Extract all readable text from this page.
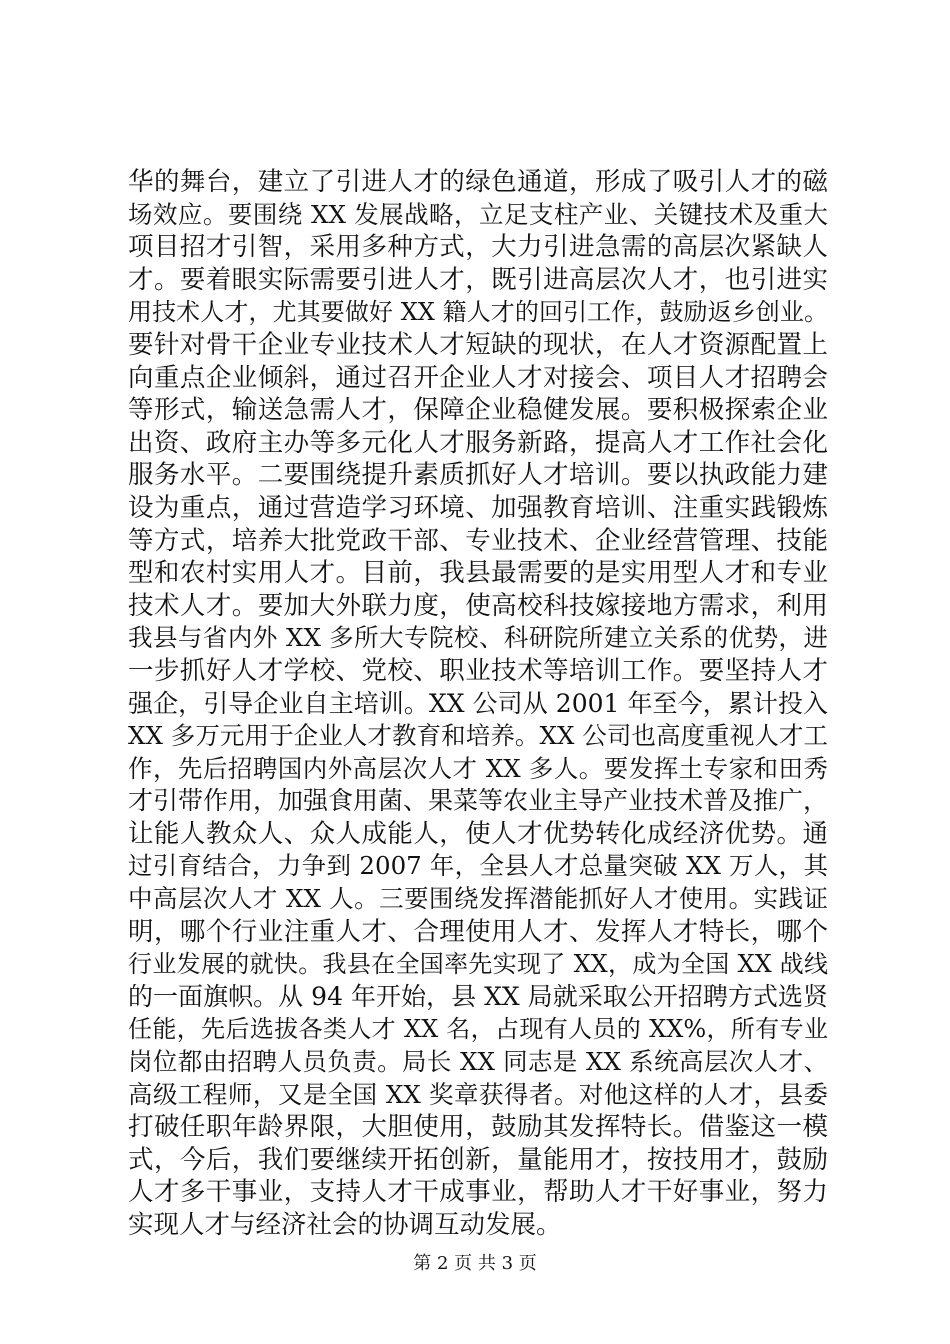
华的舞台，建立了引进人才的绿色通道，形成了吸引人才的磁
场效应。要围绕 XX 发展战略，立足支柱产业、关键技术及重大
项目招才引智，采用多种方式，大力引进急需的高层次紧缺人
才。要着眼实际需要引进人才，既引进高层次人才，也引进实
用技术人才，尤其要做好 XX 籍人才的回引工作，鼓励返乡创业。
要针对骨干企业专业技术人才短缺的现状，在人才资源配置上
向重点企业倾斜，通过召开企业人才对接会、项目人才招聘会
等形式，输送急需人才，保障企业稳健发展。要积极探索企业
出资、政府主办等多元化人才服务新路，提高人才工作社会化
服务水平。二要围绕提升素质抓好人才培训。要以执政能力建
设为重点，通过营造学习环境、加强教育培训、注重实践锻炼
等方式，培养大批党政干部、专业技术、企业经营管理、技能
型和农村实用人才。目前，我县最需要的是实用型人才和专业
技术人才。要加大外联力度，使高校科技嫁接地方需求，利用
我县与省内外 XX 多所大专院校、科研院所建立关系的优势，进
一步抓好人才学校、党校、职业技术等培训工作。要坚持人才
强企，引导企业自主培训。XX 公司从 2001 年至今，累计投入
XX 多万元用于企业人才教育和培养。XX 公司也高度重视人才工
作，先后招聘国内外高层次人才 XX 多人。要发挥土专家和田秀
才引带作用，加强食用菌、果菜等农业主导产业技术普及推广，
让能人教众人、众人成能人，使人才优势转化成经济优势。通
过引育结合，力争到 2007 年，全县人才总量突破 XX 万人，其
中高层次人才 XX 人。三要围绕发挥潜能抓好人才使用。实践证
明，哪个行业注重人才、合理使用人才、发挥人才特长，哪个
行业发展的就快。我县在全国率先实现了 XX，成为全国 XX 战线
的一面旗帜。从 94 年开始，县 XX 局就采取公开招聘方式选贤
任能，先后选拔各类人才 XX 名，占现有人员的 XX%，所有专业
岗位都由招聘人员负责。局长 XX 同志是 XX 系统高层次人才、
高级工程师，又是全国 XX 奖章获得者。对他这样的人才，县委
打破任职年龄界限，大胆使用，鼓励其发挥特长。借鉴这一模
式，今后，我们要继续开拓创新，量能用才，按技用才，鼓励
人才多干事业，支持人才干成事业，帮助人才干好事业，努力
实现人才与经济社会的协调互动发展。
第 2 页 共 3 页
